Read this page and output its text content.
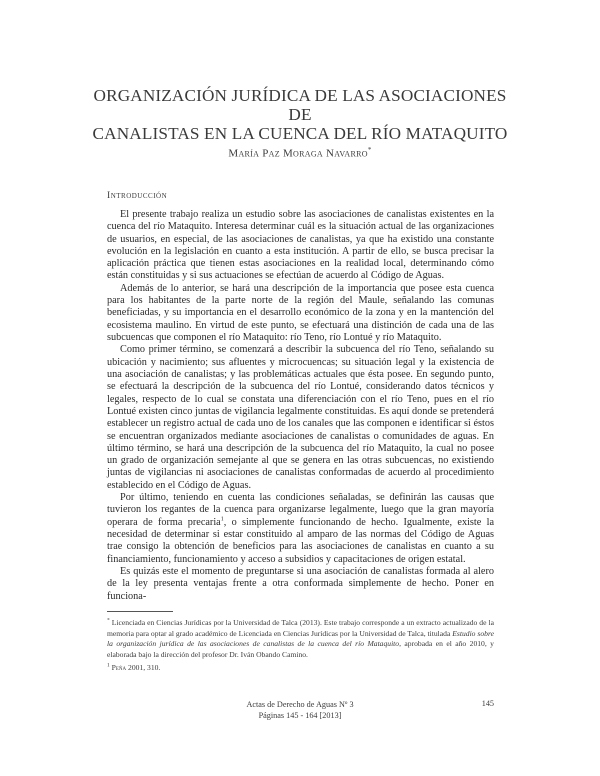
ORGANIZACIÓN JURÍDICA DE LAS ASOCIACIONES DE
CANALISTAS EN LA CUENCA DEL RÍO MATAQUITO
María Paz Moraga Navarro*
Introducción

El presente trabajo realiza un estudio sobre las asociaciones de canalistas existentes en la cuenca del río Mataquito. Interesa determinar cuál es la situación actual de las organizaciones de usuarios, en especial, de las asociaciones de canalistas, ya que ha existido una constante evolución en la legislación en cuanto a esta institución. A partir de ello, se busca precisar la aplicación práctica que tienen estas asociaciones en la realidad local, determinando cómo están constituidas y si sus actuaciones se efectúan de acuerdo al Código de Aguas.

Además de lo anterior, se hará una descripción de la importancia que posee esta cuenca para los habitantes de la parte norte de la región del Maule, señalando las comunas beneficiadas, y su importancia en el desarrollo económico de la zona y en la mantención del ecosistema maulino. En virtud de este punto, se efectuará una distinción de cada una de las subcuencas que componen el río Mataquito: río Teno, río Lontué y río Mataquito.

Como primer término, se comenzará a describir la subcuenca del río Teno, señalando su ubicación y nacimiento; sus afluentes y microcuencas; su situación legal y la existencia de una asociación de canalistas; y las problemáticas actuales que ésta posee. En segundo punto, se efectuará la descripción de la subcuenca del río Lontué, considerando datos técnicos y legales, respecto de lo cual se constata una diferenciación con el río Teno, pues en el río Lontué existen cinco juntas de vigilancia legalmente constituidas. Es aquí donde se pretenderá establecer un registro actual de cada uno de los canales que las componen e identificar si éstos se encuentran organizados mediante asociaciones de canalistas o comunidades de aguas. En último término, se hará una descripción de la subcuenca del río Mataquito, la cual no posee un grado de organización semejante al que se genera en las otras subcuencas, no existiendo juntas de vigilancias ni asociaciones de canalistas conformadas de acuerdo al procedimiento establecido en el Código de Aguas.

Por último, teniendo en cuenta las condiciones señaladas, se definirán las causas que tuvieron los regantes de la cuenca para organizarse legalmente, luego que la gran mayoría operara de forma precaria$^1$, o simplemente funcionando de hecho. Igualmente, existe la necesidad de determinar si estar constituido al amparo de las normas del Código de Aguas trae consigo la obtención de beneficios para las asociaciones de canalistas en cuanto a su financiamiento, funcionamiento y acceso a subsidios y capacitaciones de origen estatal.

Es quizás este el momento de preguntarse si una asociación de canalistas formada al alero de la ley presenta ventajas frente a otra conformada simplemente de hecho. Poner en funciona-

* Licenciada en Ciencias Jurídicas por la Universidad de Talca (2013). Este trabajo corresponde a un extracto actualizado de la memoria para optar al grado académico de Licenciada en Ciencias Jurídicas por la Universidad de Talca, titulada Estudio sobre la organización jurídica de las asociaciones de canalistas de la cuenca del río Mataquito, aprobada en el año 2010, y elaborada bajo la dirección del profesor Dr. Iván Obando Camino.

$^1$ Peña 2001, 310.

Actas de Derecho de Aguas Nº 3
Páginas 145 - 164 [2013]
145
